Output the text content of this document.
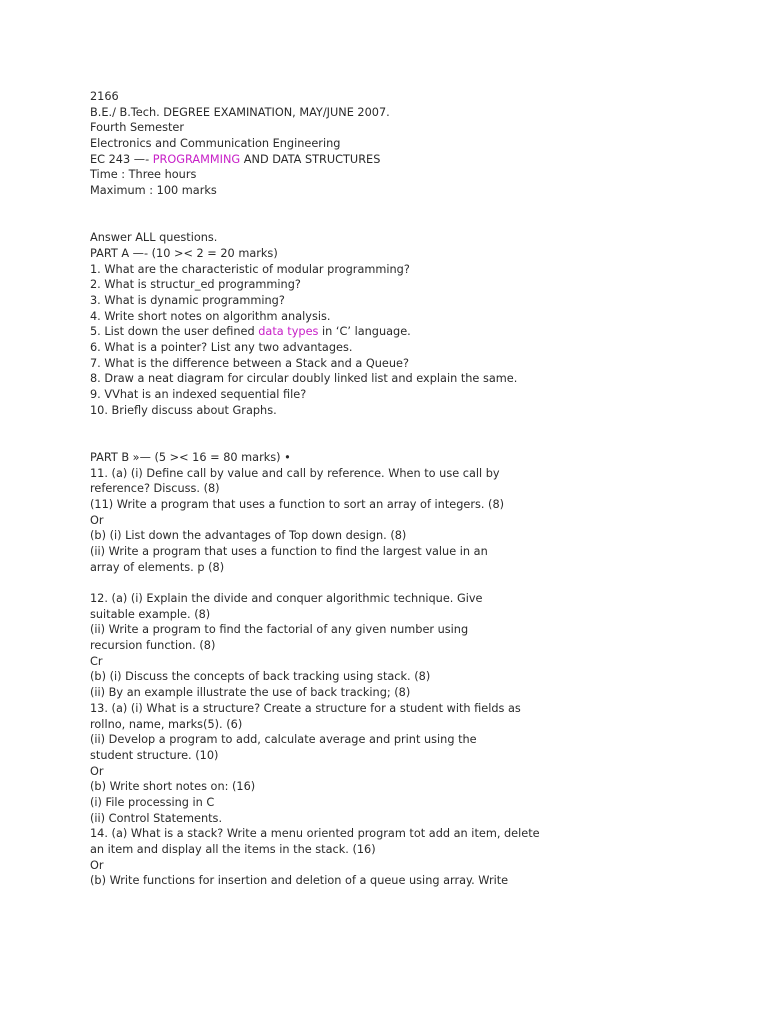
2166
B.E./ B.Tech. DEGREE EXAMINATION, MAY/JUNE 2007.
Fourth Semester
Electronics and Communication Engineering
EC 243 —- PROGRAMMING AND DATA STRUCTURES
Time : Three hours
Maximum : 100 marks
Answer ALL questions.
PART A —- (10 >< 2 = 20 marks)
1. What are the characteristic of modular programming?
2. What is structur_ed programming?
3. What is dynamic programming?
4. Write short notes on algorithm analysis.
5. List down the user defined data types in ‘C’ language.
6. What is a pointer? List any two advantages.
7. What is the difference between a Stack and a Queue?
8. Draw a neat diagram for circular doubly linked list and explain the same.
9. VVhat is an indexed sequential file?
10. Briefly discuss about Graphs.
PART B »— (5 >< 16 = 80 marks) •
11. (a) (i) Define call by value and call by reference. When to use call by
reference? Discuss. (8)
(11) Write a program that uses a function to sort an array of integers. (8)
Or
(b) (i) List down the advantages of Top down design. (8)
(ii) Write a program that uses a function to find the largest value in an
array of elements. p (8)
12. (a) (i) Explain the divide and conquer algorithmic technique. Give
suitable example. (8)
(ii) Write a program to find the factorial of any given number using
recursion function. (8)
Cr
(b) (i) Discuss the concepts of back tracking using stack. (8)
(ii) By an example illustrate the use of back tracking; (8)
13. (a) (i) What is a structure? Create a structure for a student with fields as
rollno, name, marks(5). (6)
(ii) Develop a program to add, calculate average and print using the
student structure. (10)
Or
(b) Write short notes on: (16)
(i) File processing in C
(ii) Control Statements.
14. (a) What is a stack? Write a menu oriented program tot add an item, delete
an item and display all the items in the stack. (16)
Or
(b) Write functions for insertion and deletion of a queue using array. Write
